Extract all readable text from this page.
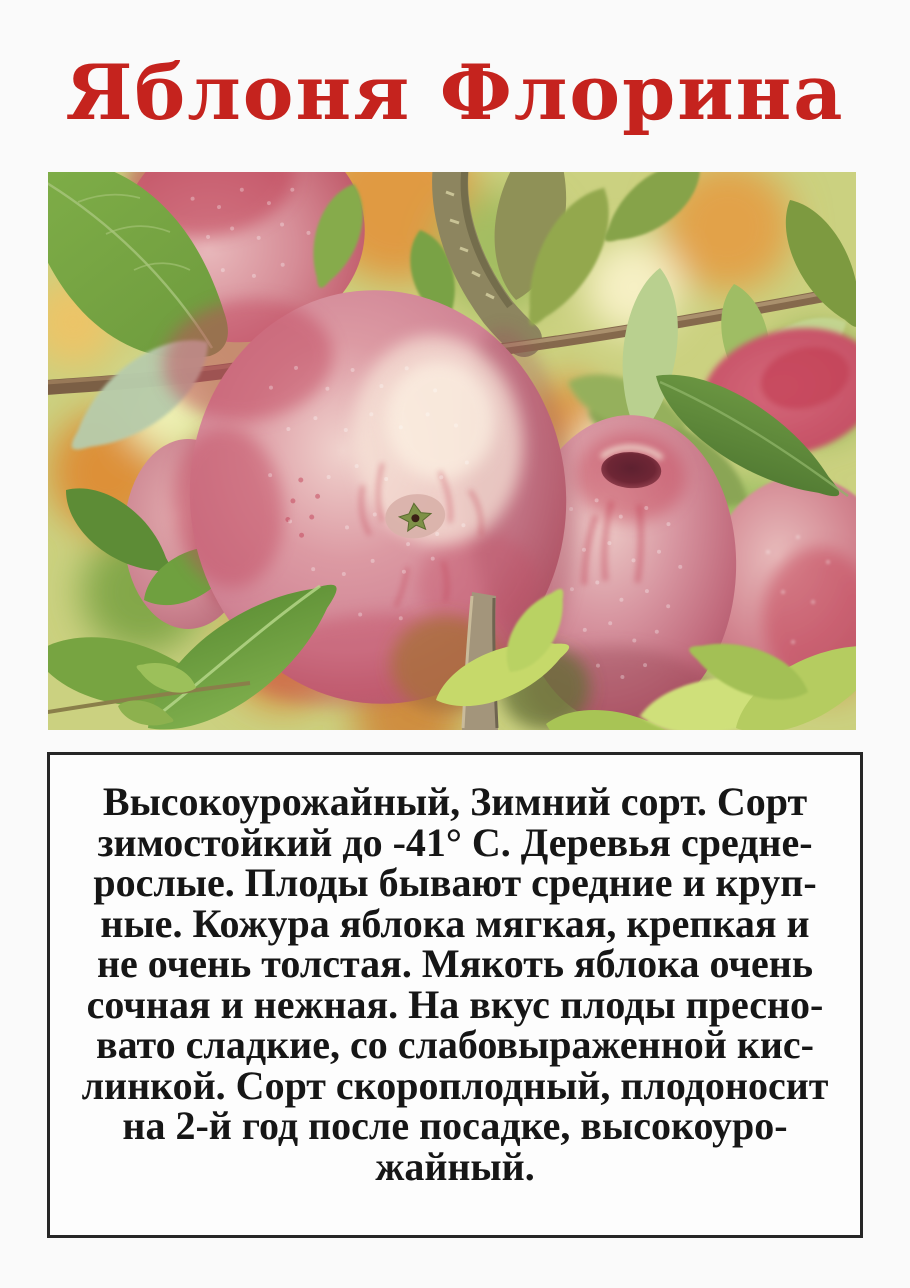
Яблоня Флорина
Высокоурожайный, Зимний сорт. Сорт
зимостойкий до -41° С. Деревья средне-
рослые. Плоды бывают средние и круп-
ные. Кожура яблока мягкая, крепкая и
не очень толстая. Мякоть яблока очень
сочная и нежная. На вкус плоды пресно-
вато сладкие, со слабовыраженной кис-
линкой. Сорт скороплодный, плодоносит
на 2-й год после посадке, высокоуро-
жайный.
